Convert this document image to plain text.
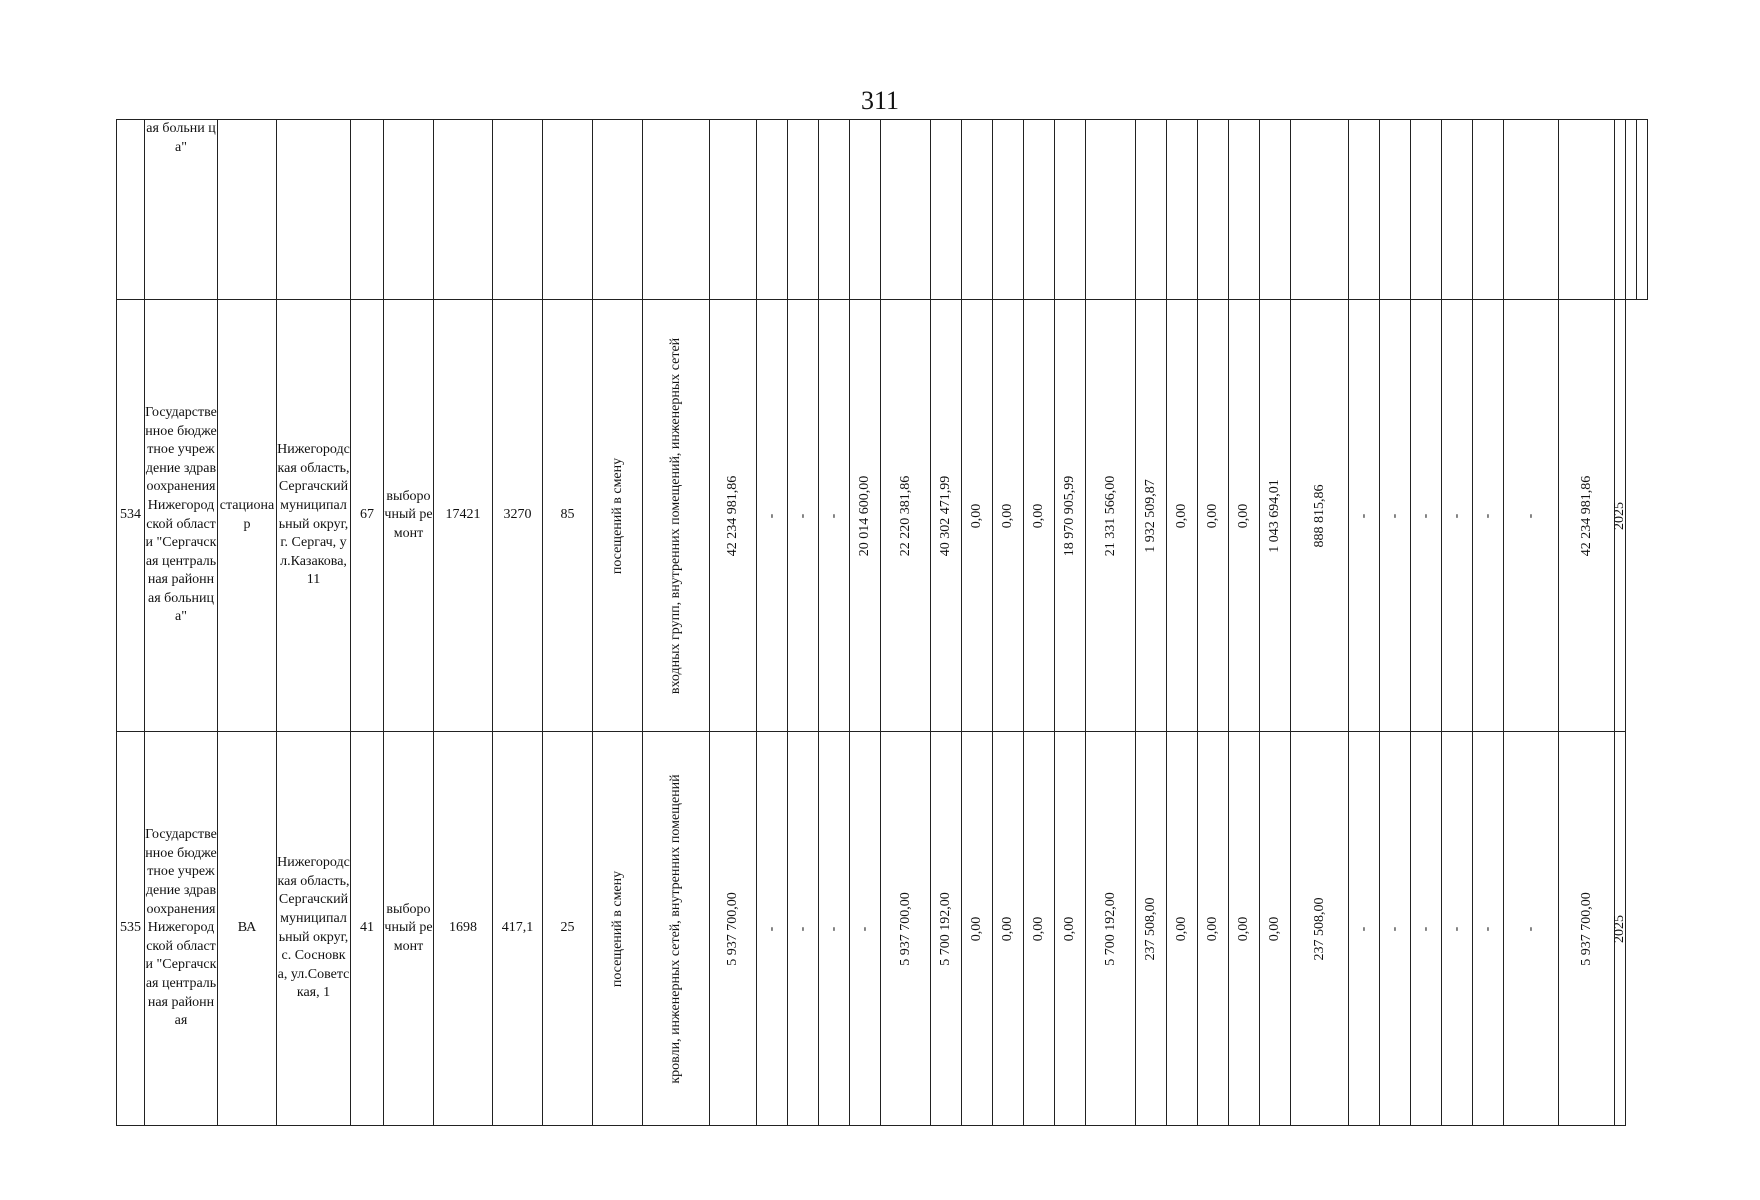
311

	ая больни ца"																																					

534	Государственное бюджетное учреждение здравоохранения Нижегородской области "Сергачская центральная районная больница"	стационар	Нижегородская область, Сергачский муниципальный округ, г. Сергач, ул.Казакова, 11	67	выборочный ремонт	17421	3270	85	посещений в смену	входных групп, внутренних помещений, инженерных сетей	42 234 981,86	-	-	-	20 014 600,00	22 220 381,86	40 302 471,99	0,00	0,00	0,00	18 970 905,99	21 331 566,00	1 932 509,87	0,00	0,00	0,00	1 043 694,01	888 815,86	-	-	-	-	-	-	42 234 981,86	2025		

535	Государственное бюджетное учреждение здравоохранения Нижегородской области "Сергачская центральная районная	ВА	Нижегородская область, Сергачский муниципальный округ, с. Сосновка, ул.Советская, 1	41	выборочный ремонт	1698	417,1	25	посещений в смену	кровли, инженерных сетей, внутренних помещений	5 937 700,00	-	-	-	-	5 937 700,00	5 700 192,00	0,00	0,00	0,00	0,00	5 700 192,00	237 508,00	0,00	0,00	0,00	0,00	237 508,00	-	-	-	-	-	-	5 937 700,00	2025		
